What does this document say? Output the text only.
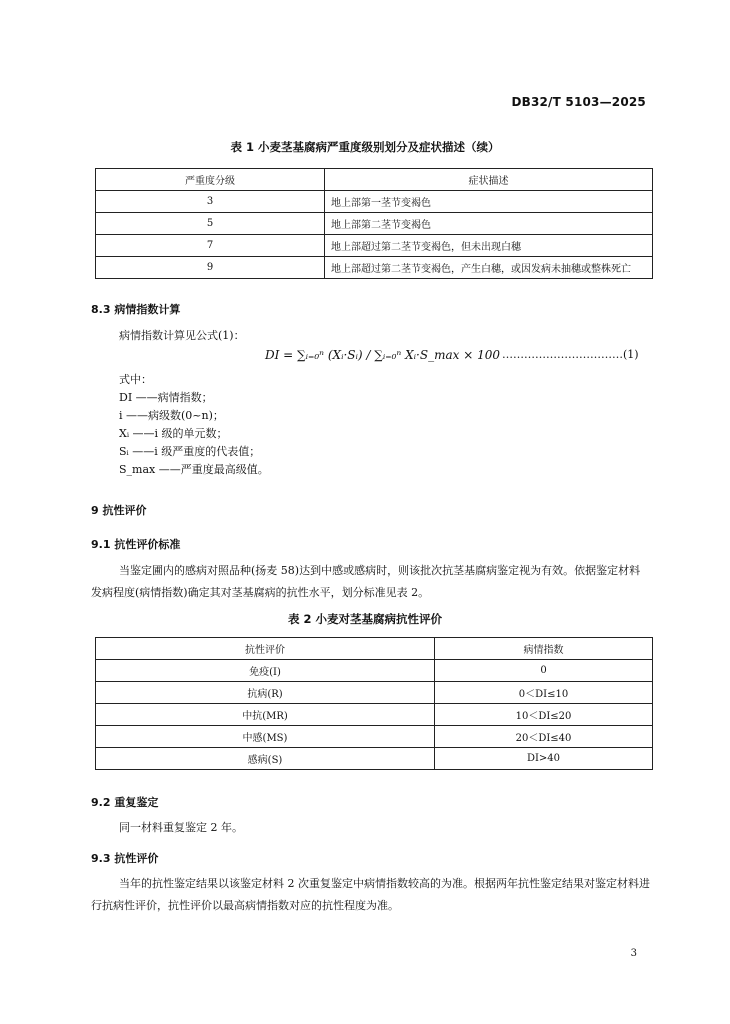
DB32/T 5103—2025
表 1 小麦茎基腐病严重度级别划分及症状描述（续）
严重度分级	症状描述
3	地上部第一茎节变褐色
5	地上部第二茎节变褐色
7	地上部超过第二茎节变褐色，但未出现白穗
9	地上部超过第二茎节变褐色，产生白穗，或因发病未抽穗或整株死亡
8.3 病情指数计算
病情指数计算见公式(1)：
DI = ∑ᵢ₌₀ⁿ (Xᵢ·Sᵢ) / ∑ᵢ₌₀ⁿ Xᵢ·S_max × 100 ……………………………(1)
式中：
DI ——病情指数；
i ——病级数(0~n)；
Xᵢ ——i 级的单元数；
Sᵢ ——i 级严重度的代表值；
S_max ——严重度最高级值。
9 抗性评价
9.1 抗性评价标准
当鉴定圃内的感病对照品种(扬麦 58)达到中感或感病时，则该批次抗茎基腐病鉴定视为有效。依据鉴定材料发病程度(病情指数)确定其对茎基腐病的抗性水平，划分标准见表 2。
表 2 小麦对茎基腐病抗性评价
抗性评价	病情指数
免疫(I)	0
抗病(R)	0＜DI≤10
中抗(MR)	10＜DI≤20
中感(MS)	20＜DI≤40
感病(S)	DI>40
9.2 重复鉴定
同一材料重复鉴定 2 年。
9.3 抗性评价
当年的抗性鉴定结果以该鉴定材料 2 次重复鉴定中病情指数较高的为准。根据两年抗性鉴定结果对鉴定材料进行抗病性评价，抗性评价以最高病情指数对应的抗性程度为准。
3
